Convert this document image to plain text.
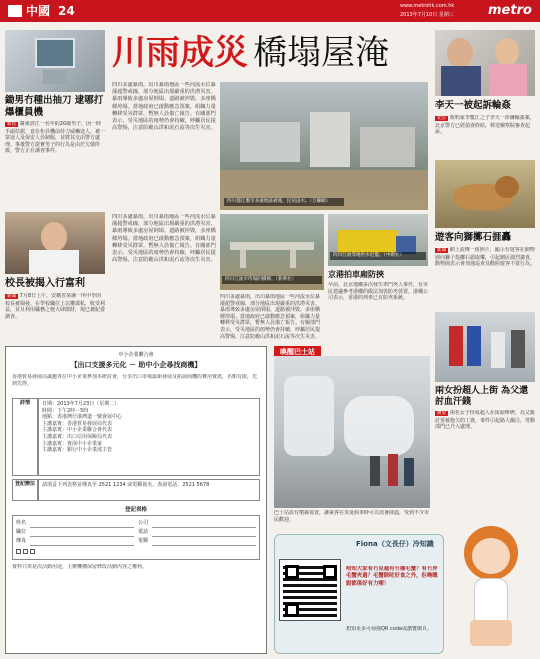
中國 24	www.metrohk.com.hk
2013年7月10日 星期三	metro
鋤男冇種出抽刀 逮哪打爆櫃員機
新民 廣東湛江一名年約20歲男子，因一時手頭拮据，竟在柜員機前持刀威嚇途人，被一眾途人及保安人員制服，並將其交由警方處理。事後警方證實男子的行為是由於欠債所致，警方正在調查事件。
校長被揭入行富利
新聞 7月8日上午，安徽省某縣一所中學的校長被揭發，在學校職位上以權謀私，收受利益，並且利用職務之便大肆斂財，現已被紀委調查。
川雨成災 橋塌屋淹
四川多處暴雨，出川暴雨地區一些河流水位暴漲超警戒線，部分地區出現嚴重的洪澇災害。暴雨導致多處房屋倒塌、道路被沖毀，多座橋樑垮塌。當地政府已啟動應急預案，組織力量轉移受災群眾，暫無人員傷亡報告。有關部門表示，受災地區的雨勢仍會持續，呼籲居民提高警惕，注意防範山洪和泥石流等次生災害。
四川都江堰市多處地區被淹，民居浸水。（互聯網）
四川江油市垮塌的橋樑。（新華社）
四川江油等地洪水氾濫。（中新社）
四川多處暴雨，出川暴雨地區一些河流水位暴漲超警戒線，部分地區出現嚴重的洪澇災害。暴雨導致多處房屋倒塌、道路被沖毀，多座橋樑垮塌。當地政府已啟動應急預案，組織力量轉移受災群眾，暫無人員傷亡報告。有關部門表示，受災地區的雨勢仍會持續，呼籲居民提高警惕，注意防範山洪和泥石流等次生災害。
京港拍車廂防挾
早前，北京地鐵多次發生車門夾人事件，有市民建議參考港鐵的做法加裝防夾裝置。港鐵公司表示，香港的列車已有防夾系統。
四川多處暴雨，出川暴雨地區一些河流水位暴漲超警戒線，部分地區出現嚴重的洪澇災害。暴雨導致多處房屋倒塌、道路被沖毀，多座橋樑垮塌。當地政府已啟動應急預案，組織力量轉移受災群眾，暫無人員傷亡報告。有關部門表示，受災地區的雨勢仍會持續，呼籲居民提高警惕，注意防範山洪和泥石流等次生災害。
李天一被起訴輪姦
北京 歌唱家李雙江之子李天一涉嫌輪姦案，北京警方已經偵查終結，移送檢察院審查起訴。
遊客向獅擲石捱轟
新聞 網上流傳一組照片，顯示有遊客在動物園向獅子投擲石頭取樂，引起網民強烈譴責，動物園表示會加強巡查及勸阻遊客不當行為。
兩女扮超人上街 為父還討血汗錢
廣東 兩名女子扮成超人在街頭舉牌，為父親討要被拖欠的工資，事件引起路人關注，勞動部門已介入處理。
中小企業聯合會
【出口支援多元化 － 助中小企尋找商機】
香港貿易發展局誠邀各位中小企業參加本研討會，分享出口市場最新發展及拓展商機的實用資訊，名額有限，先到先得。
詳情	日期：2013年7月23日（星期二）
時間：下午2時－5時
地點：香港灣仔港灣道一號會展中心
主講嘉賓：香港貿易發展局代表
主講嘉賓：中小企業聯合會代表
主講嘉賓：出口信用保險局代表
主講嘉賓：資深中小企業家
主講嘉賓：銀行中小企業部主管
登記辦法	請填妥下列表格並傳真至 2521 1234 或電郵報名，查詢電話：2521 5678
登記表格
姓名	公司
職位	電話
傳真	電郵
資料只供是次活動用途，主辦機構保留修改活動內容之權利。
喚醒巴士站
巴士站設有噴霧裝置，讓乘客在炎夏候車時可以消暑降溫，受到不少市民歡迎。
Fiona（文長仔）冷知識
唔知大家有冇見過有冇種毛蟹？有冇畀毛蟹夾過？毛蟹除咗好食之外，佢哋嘅鉗都係好有力㗎！
想知更多可掃描QR code或瀏覽網頁。
